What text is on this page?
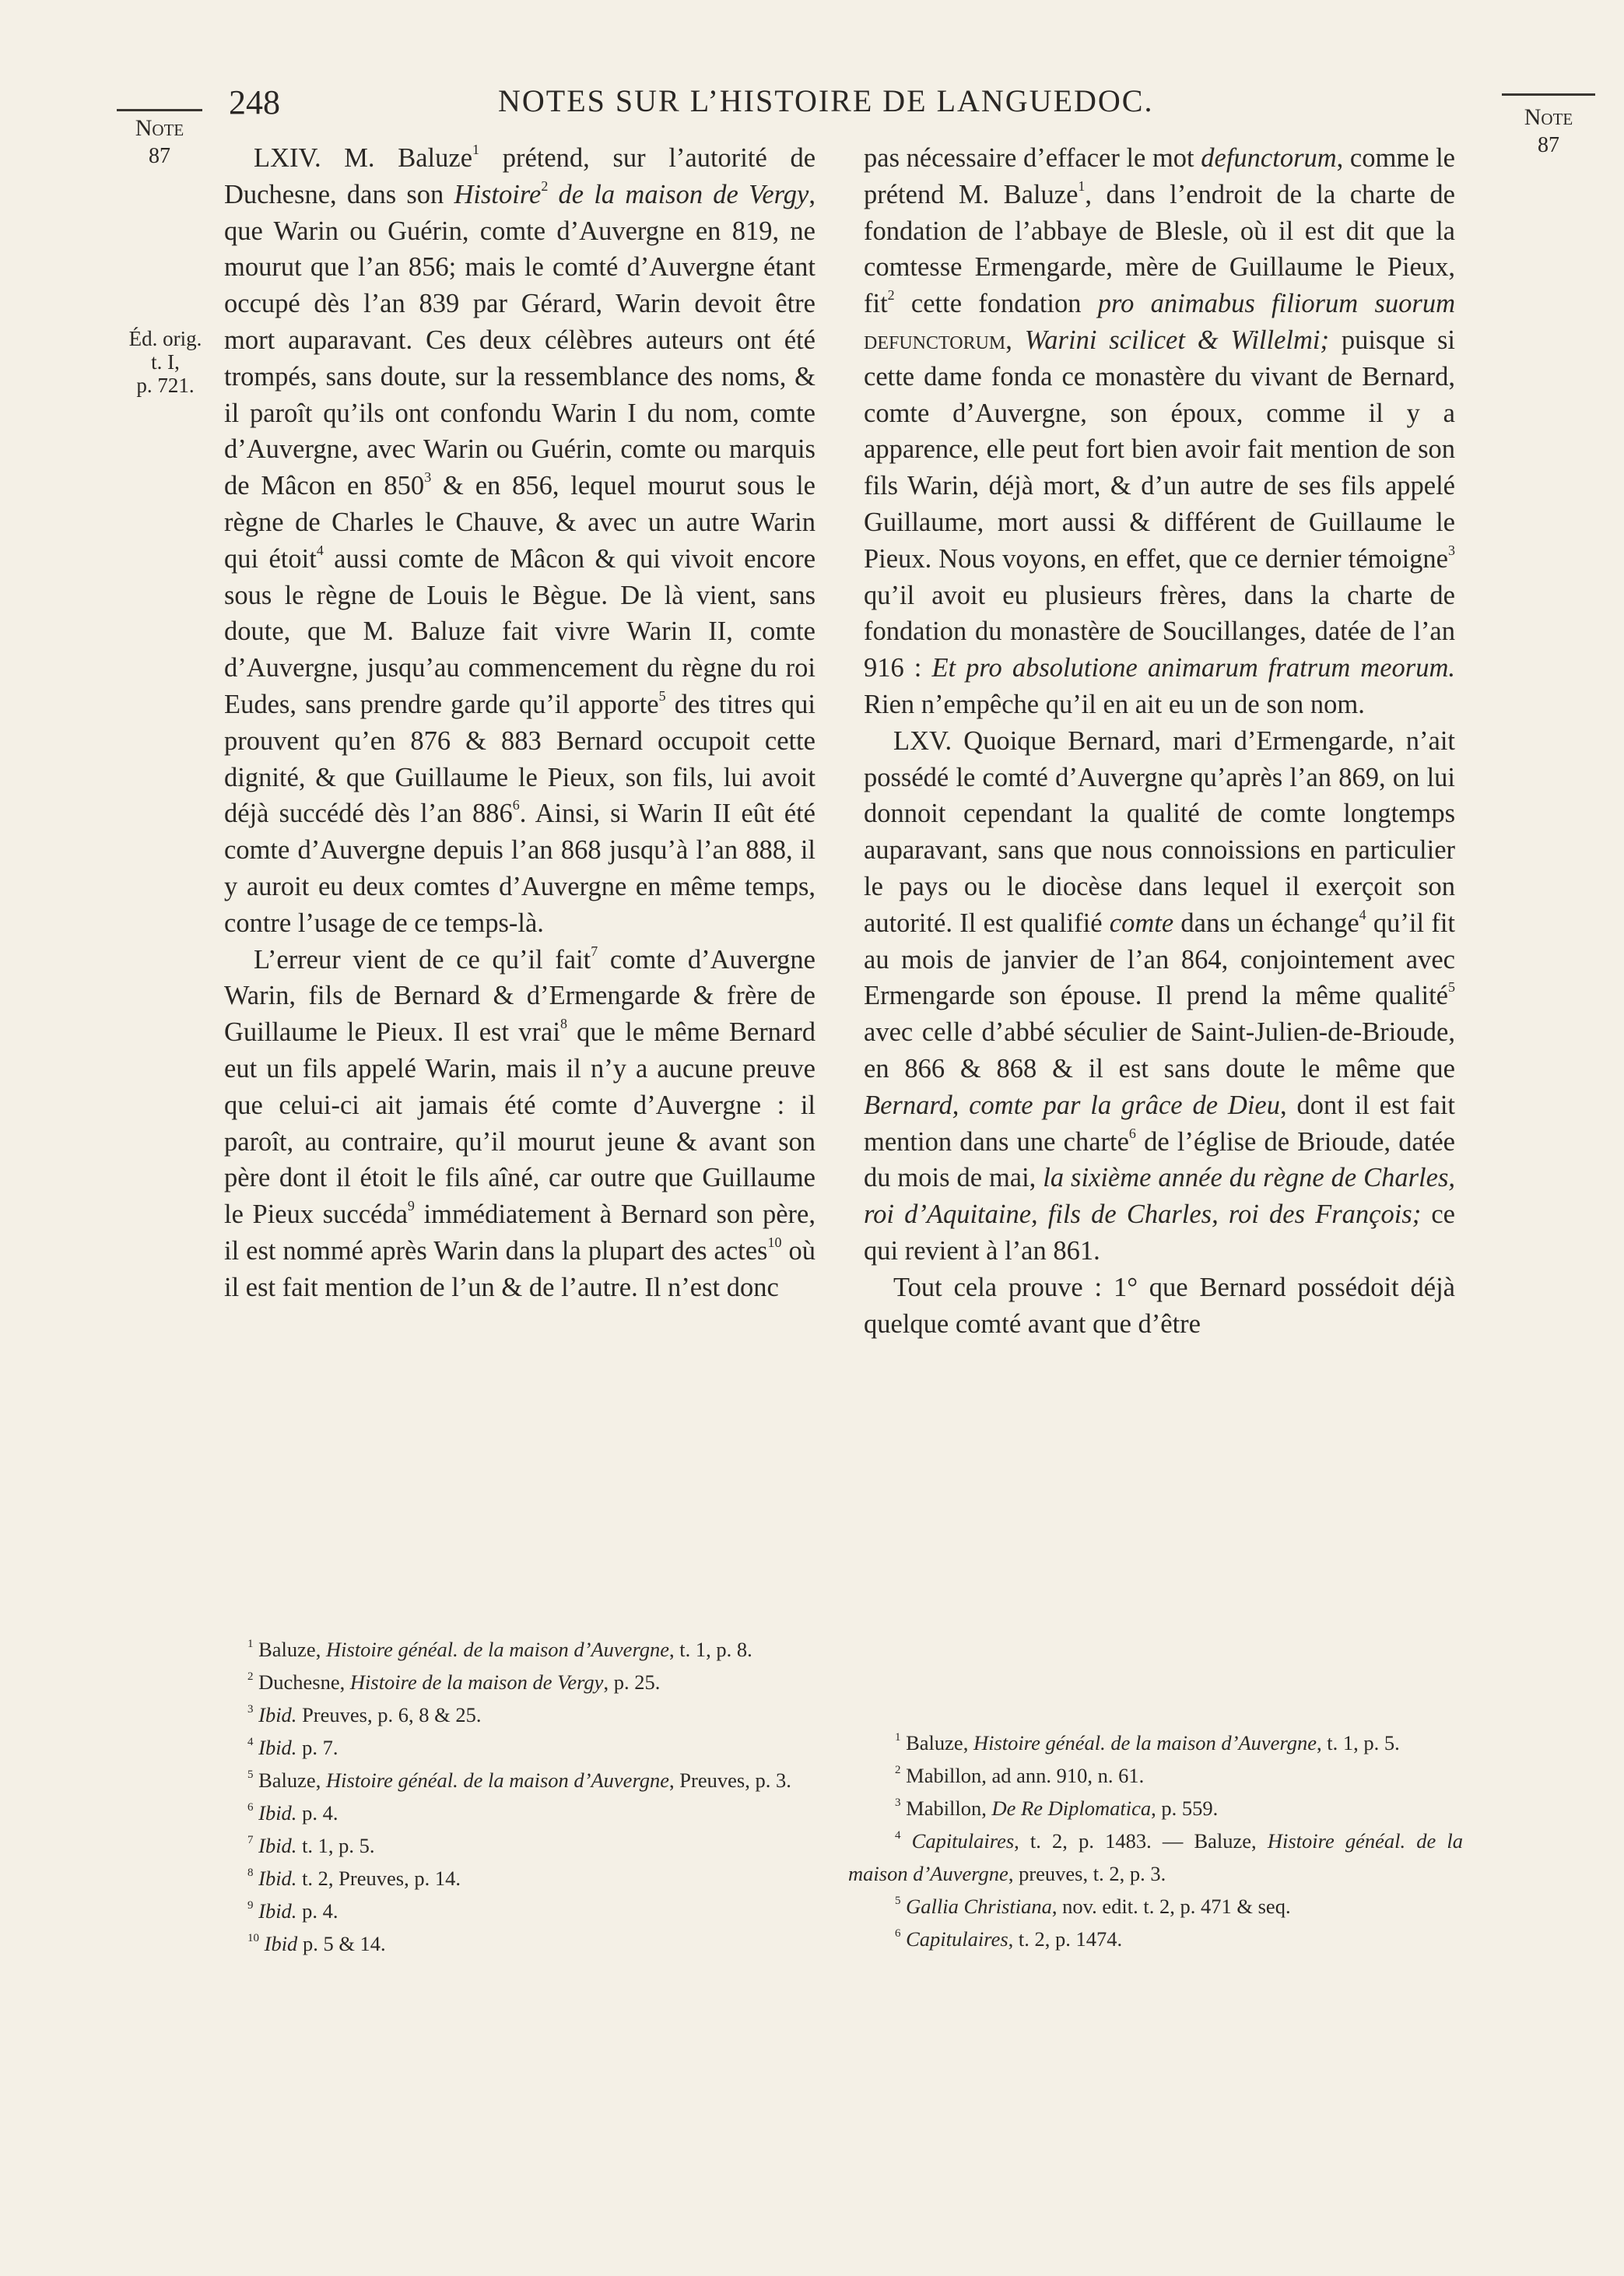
248	NOTES SUR L’HISTOIRE DE LANGUEDOC.
Note
87
Note
87
Éd. orig.
t. I,
p. 721.

LXIV. M. Baluze$^1$ prétend, sur l’autorité de Duchesne, dans son Histoire$^2$ de la maison de Vergy, que Warin ou Guérin, comte d’Auvergne en 819, ne mourut que l’an 856; mais le comté d’Auvergne étant occupé dès l’an 839 par Gérard, Warin devoit être mort auparavant. Ces deux célèbres auteurs ont été trompés, sans doute, sur la ressemblance des noms, & il paroît qu’ils ont confondu Warin I du nom, comte d’Auvergne, avec Warin ou Guérin, comte ou marquis de Mâcon en $850^3$ & en 856, lequel mourut sous le règne de Charles le Chauve, & avec un autre Warin qui étoit$^4$ aussi comte de Mâcon & qui vivoit encore sous le règne de Louis le Bègue. De là vient, sans doute, que M. Baluze fait vivre Warin II, comte d’Auvergne, jusqu’au commencement du règne du roi Eudes, sans prendre garde qu’il apporte$^5$ des titres qui prouvent qu’en 876 & 883 Bernard occupoit cette dignité, & que Guillaume le Pieux, son fils, lui avoit déjà succédé dès l’an $886^6$. Ainsi, si Warin II eût été comte d’Auvergne depuis l’an 868 jusqu’à l’an 888, il y auroit eu deux comtes d’Auvergne en même temps, contre l’usage de ce temps-là.

L’erreur vient de ce qu’il fait$^7$ comte d’Auvergne Warin, fils de Bernard & d’Ermengarde & frère de Guillaume le Pieux. Il est vrai$^8$ que le même Bernard eut un fils appelé Warin, mais il n’y a aucune preuve que celui-ci ait jamais été comte d’Auvergne : il paroît, au contraire, qu’il mourut jeune & avant son père dont il étoit le fils aîné, car outre que Guillaume le Pieux succéda$^9$ immédiatement à Bernard son père, il est nommé après Warin dans la plupart des actes$^{10}$ où il est fait mention de l’un & de l’autre. Il n’est donc

pas nécessaire d’effacer le mot defunctorum, comme le prétend M. Baluze$^1$, dans l’endroit de la charte de fondation de l’abbaye de Blesle, où il est dit que la comtesse Ermengarde, mère de Guillaume le Pieux, fit$^2$ cette fondation pro animabus filiorum suorum defunctorum, Warini scilicet & Willelmi; puisque si cette dame fonda ce monastère du vivant de Bernard, comte d’Auvergne, son époux, comme il y a apparence, elle peut fort bien avoir fait mention de son fils Warin, déjà mort, & d’un autre de ses fils appelé Guillaume, mort aussi & différent de Guillaume le Pieux. Nous voyons, en effet, que ce dernier témoigne$^3$ qu’il avoit eu plusieurs frères, dans la charte de fondation du monastère de Soucillanges, datée de l’an 916 : Et pro absolutione animarum fratrum meorum. Rien n’empêche qu’il en ait eu un de son nom.

LXV. Quoique Bernard, mari d’Ermengarde, n’ait possédé le comté d’Auvergne qu’après l’an 869, on lui donnoit cependant la qualité de comte longtemps auparavant, sans que nous connoissions en particulier le pays ou le diocèse dans lequel il exerçoit son autorité. Il est qualifié comte dans un échange$^4$ qu’il fit au mois de janvier de l’an 864, conjointement avec Ermengarde son épouse. Il prend la même qualité$^5$ avec celle d’abbé séculier de Saint-Julien-de-Brioude, en 866 & 868 & il est sans doute le même que Bernard, comte par la grâce de Dieu, dont il est fait mention dans une charte$^6$ de l’église de Brioude, datée du mois de mai, la sixième année du règne de Charles, roi d’Aquitaine, fils de Charles, roi des François; ce qui revient à l’an 861.

Tout cela prouve : 1° que Bernard possédoit déjà quelque comté avant que d’être

$^1$ Baluze, Histoire généal. de la maison d’Auvergne, t. 1, p. 8.
$^2$ Duchesne, Histoire de la maison de Vergy, p. 25.
$^3$ Ibid. Preuves, p. 6, 8 & 25.
$^4$ Ibid. p. 7.
$^5$ Baluze, Histoire généal. de la maison d’Auvergne, Preuves, p. 3.
$^6$ Ibid. p. 4.
$^7$ Ibid. t. 1, p. 5.
$^8$ Ibid. t. 2, Preuves, p. 14.
$^9$ Ibid. p. 4.
$^{10}$ Ibid p. 5 & 14.
$^1$ Baluze, Histoire généal. de la maison d’Auvergne, t. 1, p. 5.
$^2$ Mabillon, ad ann. 910, n. 61.
$^3$ Mabillon, De Re Diplomatica, p. 559.
$^4$ Capitulaires, t. 2, p. 1483. — Baluze, Histoire généal. de la maison d’Auvergne, preuves, t. 2, p. 3.
$^5$ Gallia Christiana, nov. edit. t. 2, p. 471 & seq.
$^6$ Capitulaires, t. 2, p. 1474.
